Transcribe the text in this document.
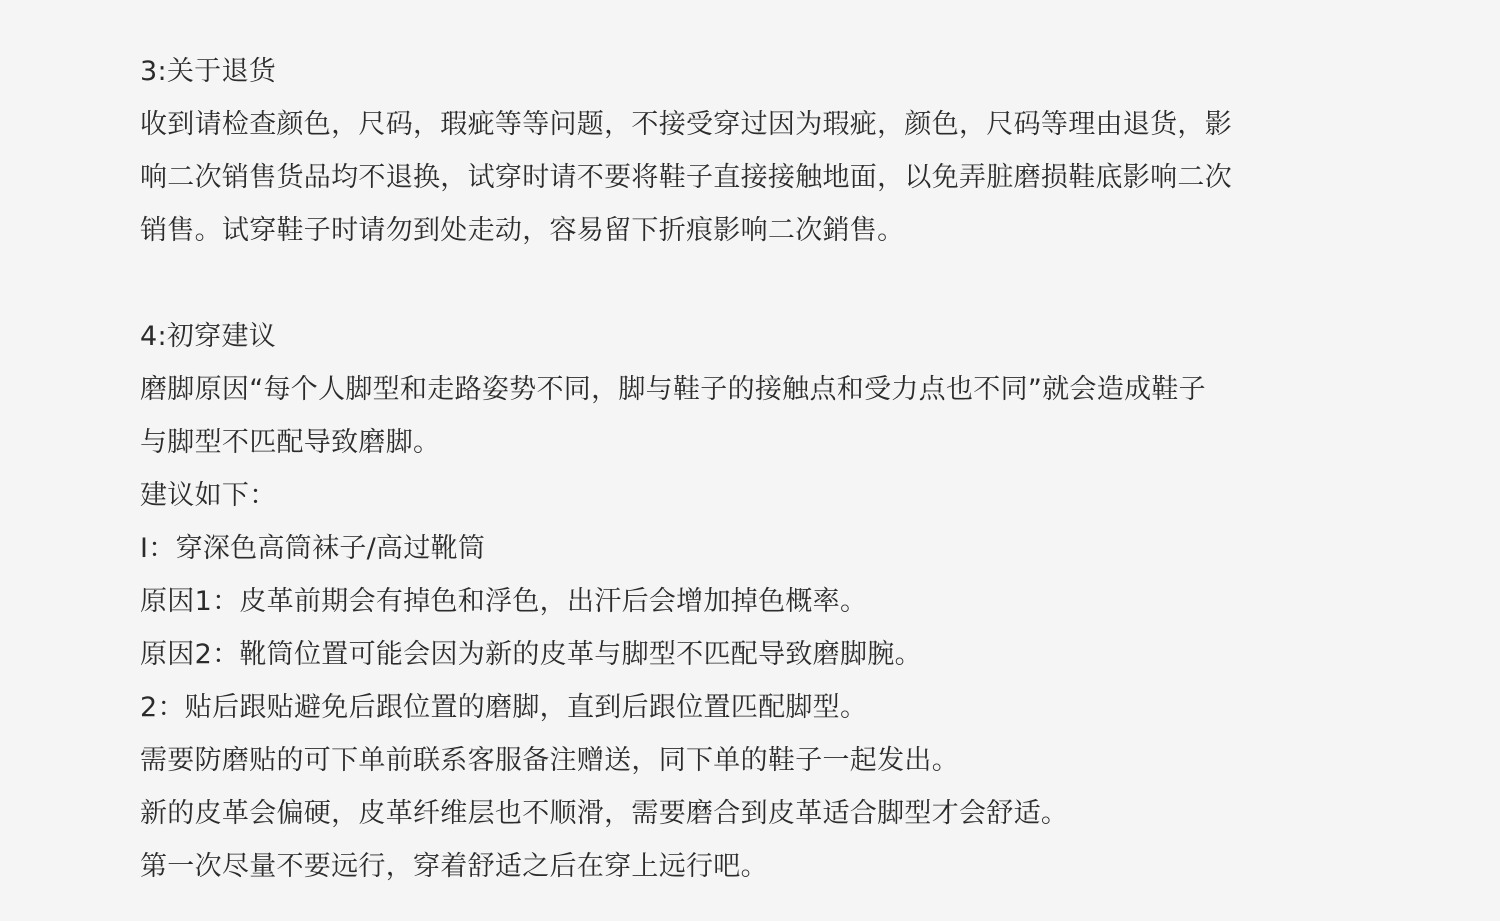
3:关于退货
收到请检查颜色，尺码，瑕疵等等问题，不接受穿过因为瑕疵，颜色，尺码等理由退货，影
响二次销售货品均不退换，试穿时请不要将鞋子直接接触地面，以免弄脏磨损鞋底影响二次
销售。试穿鞋子时请勿到处走动，容易留下折痕影响二次銷售。
4:初穿建议
磨脚原因“每个人脚型和走路姿势不同，脚与鞋子的接触点和受力点也不同”就会造成鞋子
与脚型不匹配导致磨脚。
建议如下：
I：穿深色高筒袜子/高过靴筒
原因1：皮革前期会有掉色和浮色，出汗后会增加掉色概率。
原因2：靴筒位置可能会因为新的皮革与脚型不匹配导致磨脚腕。
2：贴后跟贴避免后跟位置的磨脚，直到后跟位置匹配脚型。
需要防磨贴的可下单前联系客服备注赠送，同下单的鞋子一起发出。
新的皮革会偏硬，皮革纤维层也不顺滑，需要磨合到皮革适合脚型才会舒适。
第一次尽量不要远行，穿着舒适之后在穿上远行吧。
